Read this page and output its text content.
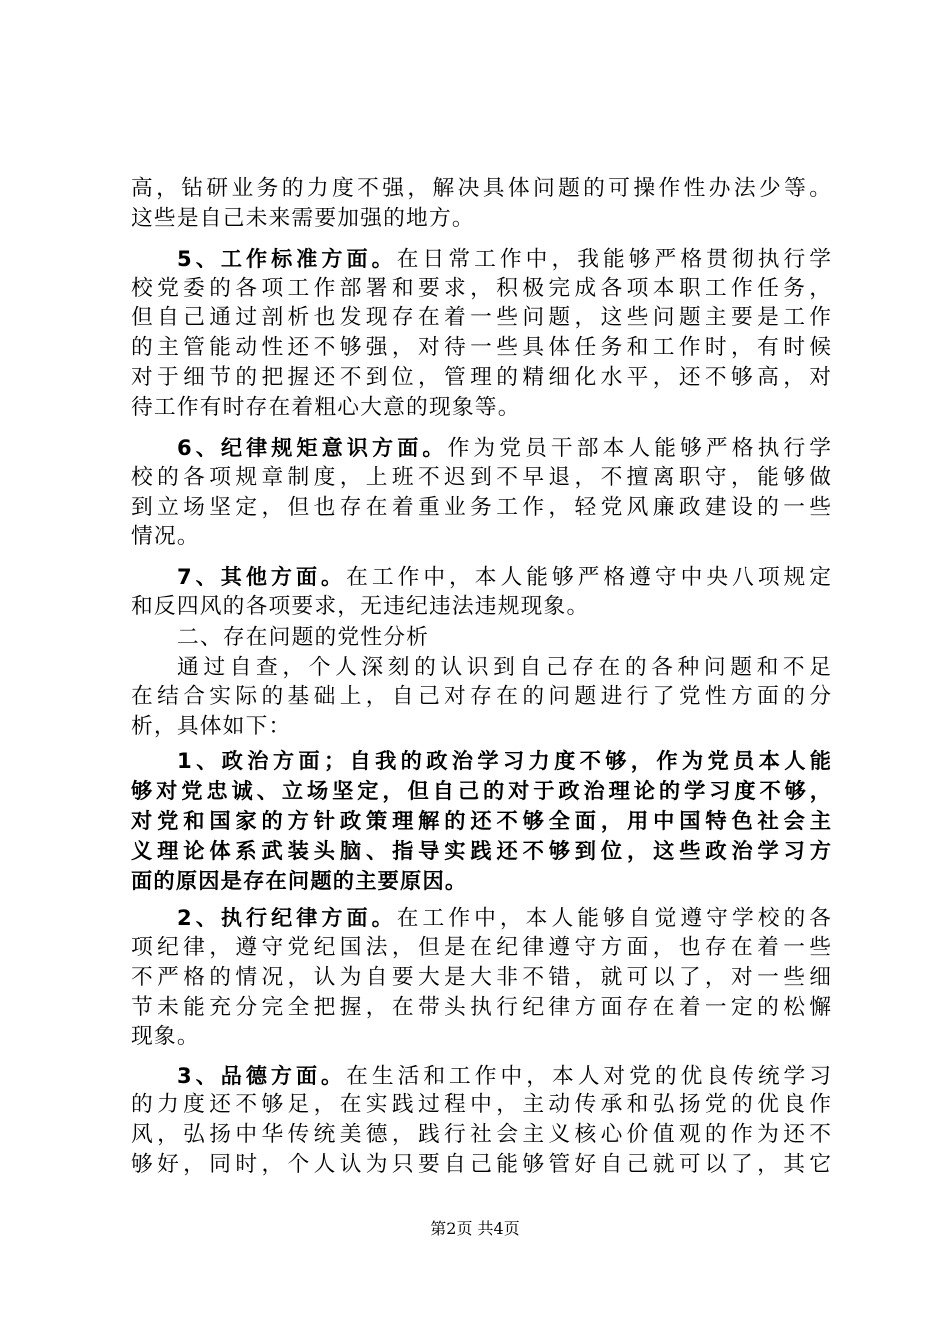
高，钻研业务的力度不强，解决具体问题的可操作性办法少等。
这些是自己未来需要加强的地方。
5、工作标准方面。在日常工作中，我能够严格贯彻执行学
校党委的各项工作部署和要求，积极完成各项本职工作任务，
但自己通过剖析也发现存在着一些问题，这些问题主要是工作
的主管能动性还不够强，对待一些具体任务和工作时，有时候
对于细节的把握还不到位，管理的精细化水平，还不够高，对
待工作有时存在着粗心大意的现象等。
6、纪律规矩意识方面。作为党员干部本人能够严格执行学
校的各项规章制度，上班不迟到不早退，不擅离职守，能够做
到立场坚定，但也存在着重业务工作，轻党风廉政建设的一些
情况。
7、其他方面。在工作中，本人能够严格遵守中央八项规定
和反四风的各项要求，无违纪违法违规现象。
二、存在问题的党性分析
通过自查，个人深刻的认识到自己存在的各种问题和不足
在结合实际的基础上，自己对存在的问题进行了党性方面的分
析，具体如下：
1、政治方面；自我的政治学习力度不够，作为党员本人能
够对党忠诚、立场坚定，但自己的对于政治理论的学习度不够，
对党和国家的方针政策理解的还不够全面，用中国特色社会主
义理论体系武装头脑、指导实践还不够到位，这些政治学习方
面的原因是存在问题的主要原因。
2、执行纪律方面。在工作中，本人能够自觉遵守学校的各
项纪律，遵守党纪国法，但是在纪律遵守方面，也存在着一些
不严格的情况，认为自要大是大非不错，就可以了，对一些细
节未能充分完全把握，在带头执行纪律方面存在着一定的松懈
现象。
3、品德方面。在生活和工作中，本人对党的优良传统学习
的力度还不够足，在实践过程中，主动传承和弘扬党的优良作
风，弘扬中华传统美德，践行社会主义核心价值观的作为还不
够好，同时，个人认为只要自己能够管好自己就可以了，其它
第2页 共4页
